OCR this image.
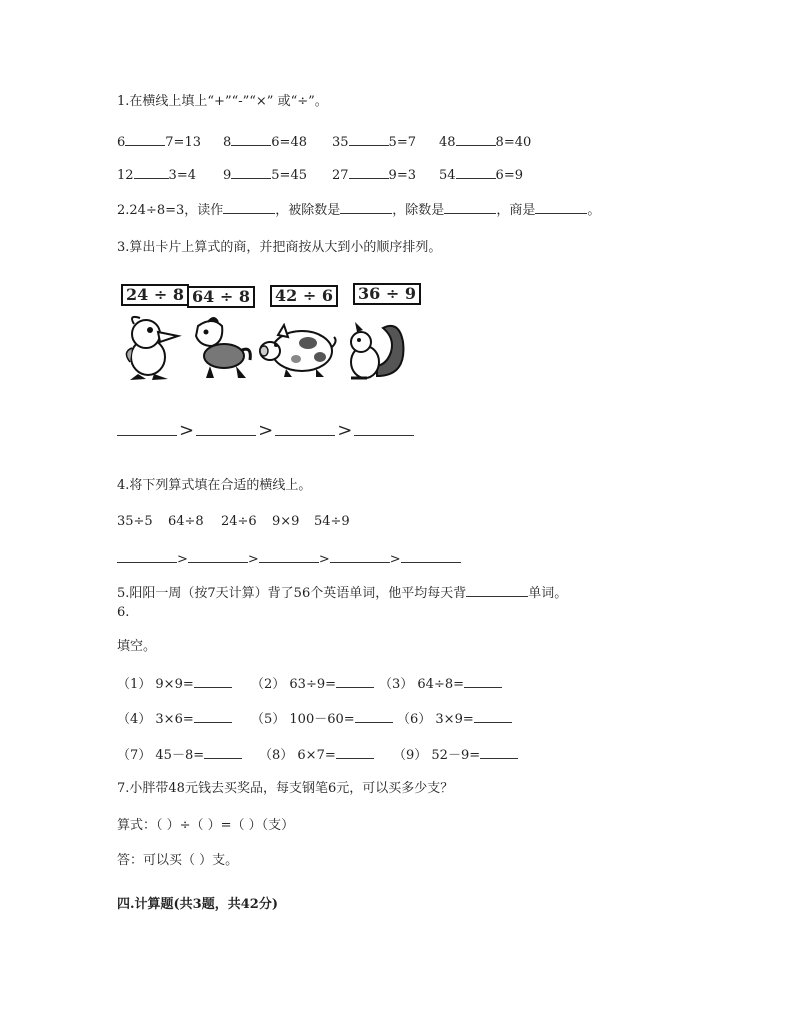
1.在横线上填上“+”“-”“×” 或“÷”。
6	7=13 8	6=48 35	5=7 48	8=40
12	3=4 9	5=45 27	9=3 54	6=9
2.24÷8=3，读作	，被除数是	，除数是	，商是	。
3.算出卡片上算式的商，并把商按从大到小的顺序排列。
24 ÷ 8 64 ÷ 8	42 ÷ 6	36 ÷ 9
>	>	>
4.将下列算式填在合适的横线上。
35÷5 64÷8 24÷6 9×9 54÷9
>	>	>	>
5.阳阳一周（按7天计算）背了56个英语单词，他平均每天背	单词。
6.
填空。
（1） 9×9=	（2） 63÷9=	（3） 64÷8=
（4） 3×6=	（5） 100－60=	（6） 3×9=
（7） 45－8=	（8） 6×7=	（9） 52－9=
7.小胖带48元钱去买奖品，每支钢笔6元，可以买多少支？
算式：（ ）÷（ ）=（ ）（支）
答：可以买（ ）支。
四.计算题(共3题，共42分)
